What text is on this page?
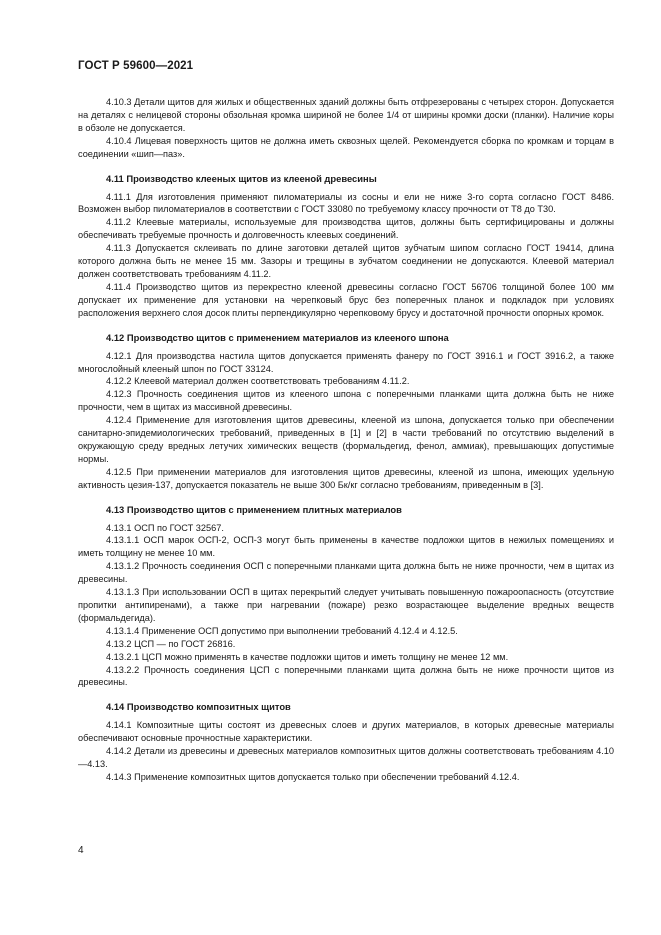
ГОСТ Р 59600—2021

4.10.3 Детали щитов для жилых и общественных зданий должны быть отфрезерованы с четырех сторон. Допускается на деталях с нелицевой стороны обзольная кромка шириной не более 1/4 от ширины кромки доски (планки). Наличие коры в обзоле не допускается.

4.10.4 Лицевая поверхность щитов не должна иметь сквозных щелей. Рекомендуется сборка по кромкам и торцам в соединении «шип—паз».

4.11 Производство клееных щитов из клееной древесины

4.11.1 Для изготовления применяют пиломатериалы из сосны и ели не ниже 3-го сорта согласно ГОСТ 8486. Возможен выбор пиломатериалов в соответствии с ГОСТ 33080 по требуемому классу прочности от Т8 до Т30.

4.11.2 Клеевые материалы, используемые для производства щитов, должны быть сертифицированы и должны обеспечивать требуемые прочность и долговечность клеевых соединений.

4.11.3 Допускается склеивать по длине заготовки деталей щитов зубчатым шипом согласно ГОСТ 19414, длина которого должна быть не менее 15 мм. Зазоры и трещины в зубчатом соединении не допускаются. Клеевой материал должен соответствовать требованиям 4.11.2.

4.11.4 Производство щитов из перекрестно клееной древесины согласно ГОСТ 56706 толщиной более 100 мм допускает их применение для установки на черепковый брус без поперечных планок и подкладок при условиях расположения верхнего слоя досок плиты перпендикулярно черепковому брусу и достаточной прочности опорных кромок.

4.12 Производство щитов с применением материалов из клееного шпона

4.12.1 Для производства настила щитов допускается применять фанеру по ГОСТ 3916.1 и ГОСТ 3916.2, а также многослойный клееный шпон по ГОСТ 33124.

4.12.2 Клеевой материал должен соответствовать требованиям 4.11.2.

4.12.3 Прочность соединения щитов из клееного шпона с поперечными планками щита должна быть не ниже прочности, чем в щитах из массивной древесины.

4.12.4 Применение для изготовления щитов древесины, клееной из шпона, допускается только при обеспечении санитарно-эпидемиологических требований, приведенных в [1] и [2] в части требований по отсутствию выделений в окружающую среду вредных летучих химических веществ (формальдегид, фенол, аммиак), превышающих допустимые нормы.

4.12.5 При применении материалов для изготовления щитов древесины, клееной из шпона, имеющих удельную активность цезия-137, допускается показатель не выше 300 Бк/кг согласно требованиям, приведенным в [3].

4.13 Производство щитов с применением плитных материалов

4.13.1 ОСП по ГОСТ 32567.

4.13.1.1 ОСП марок ОСП-2, ОСП-3 могут быть применены в качестве подложки щитов в нежилых помещениях и иметь толщину не менее 10 мм.

4.13.1.2 Прочность соединения ОСП с поперечными планками щита должна быть не ниже прочности, чем в щитах из древесины.

4.13.1.3 При использовании ОСП в щитах перекрытий следует учитывать повышенную пожароопасность (отсутствие пропитки антипиренами), а также при нагревании (пожаре) резко возрастающее выделение вредных веществ (формальдегида).

4.13.1.4 Применение ОСП допустимо при выполнении требований 4.12.4 и 4.12.5.

4.13.2 ЦСП — по ГОСТ 26816.

4.13.2.1 ЦСП можно применять в качестве подложки щитов и иметь толщину не менее 12 мм.

4.13.2.2 Прочность соединения ЦСП с поперечными планками щита должна быть не ниже прочности щитов из древесины.

4.14 Производство композитных щитов

4.14.1 Композитные щиты состоят из древесных слоев и других материалов, в которых древесные материалы обеспечивают основные прочностные характеристики.

4.14.2 Детали из древесины и древесных материалов композитных щитов должны соответствовать требованиям 4.10—4.13.

4.14.3 Применение композитных щитов допускается только при обеспечении требований 4.12.4.

4
